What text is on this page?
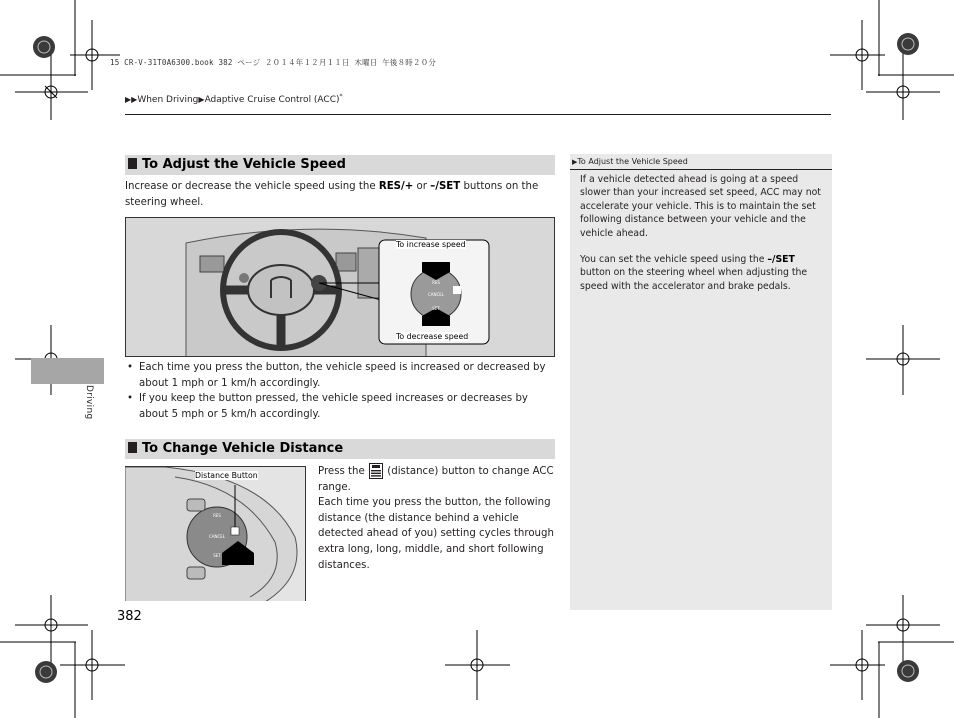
15 CR-V-31T0A6300.book 382 ページ ２０１４年１２月１１日 木曜日 午後８時２０分
▶▶When Driving▶Adaptive Cruise Control (ACC)*
Driving
To Adjust the Vehicle Speed
Increase or decrease the vehicle speed using the RES/+ or –/SET buttons on the steering wheel.
RES
CANCEL
SET
To increase speed
To decrease speed
• Each time you press the button, the vehicle speed is increased or decreased by about 1 mph or 1 km/h accordingly.
• If you keep the button pressed, the vehicle speed increases or decreases by about 5 mph or 5 km/h accordingly.
To Change Vehicle Distance
RES
CANCEL
SET
Distance Button	Press the  (distance) button to change ACC range.
Each time you press the button, the following distance (the distance behind a vehicle detected ahead of you) setting cycles through extra long, long, middle, and short following distances.
▶To Adjust the Vehicle Speed
If a vehicle detected ahead is going at a speed slower than your increased set speed, ACC may not accelerate your vehicle. This is to maintain the set following distance between your vehicle and the vehicle ahead.
You can set the vehicle speed using the –/SET button on the steering wheel when adjusting the speed with the accelerator and brake pedals.
382
